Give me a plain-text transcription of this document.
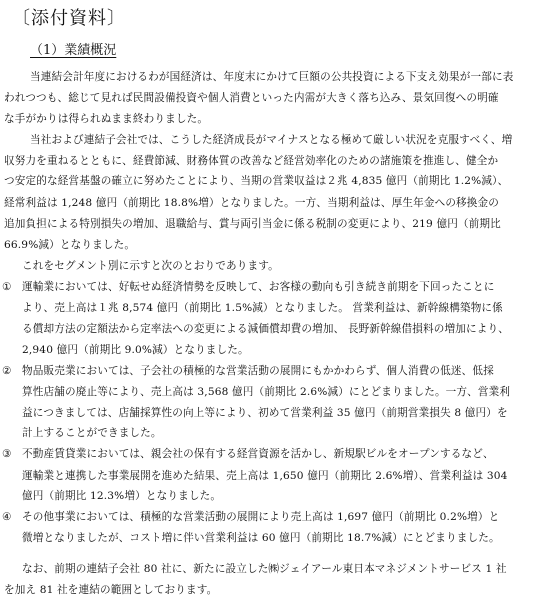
〔添付資料〕
（1）業績概況
当連結会計年度におけるわが国経済は、年度末にかけて巨額の公共投資による下支え効果が一部に表
われつつも、総じて見れば民間設備投資や個人消費といった内需が大きく落ち込み、景気回復への明確
な手がかりは得られぬまま終わりました。
当社および連結子会社では、こうした経済成長がマイナスとなる極めて厳しい状況を克服すべく、増
収努力を重ねるとともに、経費節減、財務体質の改善など経営効率化のための諸施策を推進し、健全か
つ安定的な経営基盤の確立に努めたことにより、当期の営業収益は２兆 4,835 億円（前期比 1.2%減）、
経常利益は 1,248 億円（前期比 18.8%増）となりました。一方、当期利益は、厚生年金への移換金の
追加負担による特別損失の増加、退職給与、賞与両引当金に係る税制の変更により、219 億円（前期比
66.9%減）となりました。
これをセグメント別に示すと次のとおりであります。
① 運輸業においては、好転せぬ経済情勢を反映して、お客様の動向も引き続き前期を下回ったことに
より、売上高は１兆 8,574 億円（前期比 1.5%減）となりました。 営業利益は、新幹線構築物に係
る償却方法の定額法から定率法への変更による減価償却費の増加、 長野新幹線借損料の増加により、
2,940 億円（前期比 9.0%減）となりました。
② 物品販売業においては、子会社の積極的な営業活動の展開にもかかわらず、個人消費の低迷、低採
算性店舗の廃止等により、売上高は 3,568 億円（前期比 2.6%減）にとどまりました。一方、営業利
益につきましては、店舗採算性の向上等により、初めて営業利益 35 億円（前期営業損失 8 億円）を
計上することができました。
③ 不動産賃貸業においては、親会社の保有する経営資源を活かし、新規駅ビルをオープンするなど、
運輸業と連携した事業展開を進めた結果、売上高は 1,650 億円（前期比 2.6%増）、営業利益は 304
億円（前期比 12.3%増）となりました。
④ その他事業においては、積極的な営業活動の展開により売上高は 1,697 億円（前期比 0.2%増）と
微増となりましたが、コスト増に伴い営業利益は 60 億円（前期比 18.7%減）にとどまりました。
なお、前期の連結子会社 80 社に、新たに設立した㈱ジェイアール東日本マネジメントサービス 1 社
を加え 81 社を連結の範囲としております。
